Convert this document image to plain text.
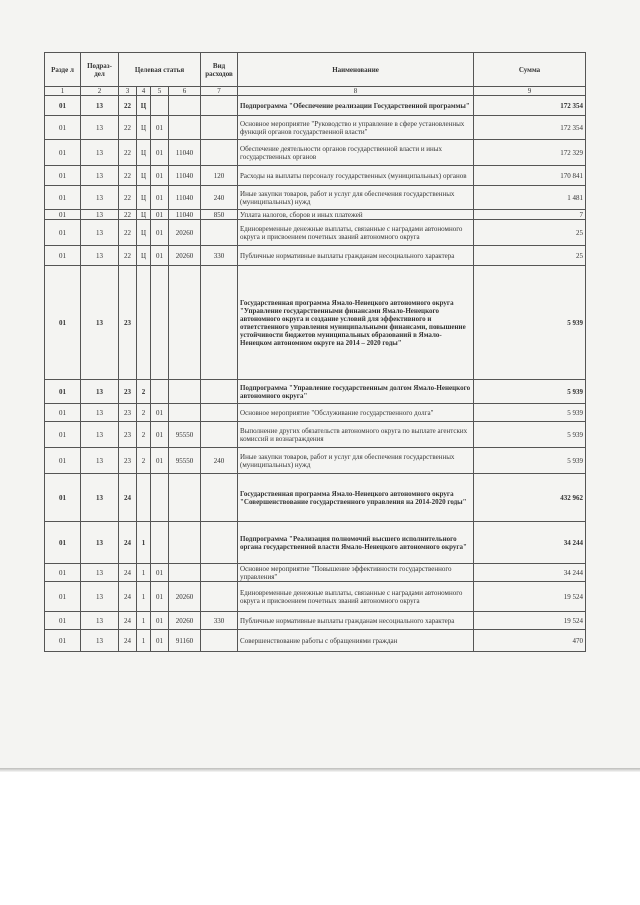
Разде л	Подраз- дел	Целевая статья				Вид расходов	Наименование	Сумма
1	2	3	4	5	6	7	8	9
01	13	22	Ц				Подпрограмма "Обеспечение реализации Государственной программы"	172 354
01	13	22	Ц	01			Основное мероприятие "Руководство и управление в сфере установленных функций органов государственной власти"	172 354
01	13	22	Ц	01	11040		Обеспечение деятельности органов государственной власти и иных государственных органов	172 329
01	13	22	Ц	01	11040	120	Расходы на выплаты персоналу государственных (муниципальных) органов	170 841
01	13	22	Ц	01	11040	240	Иные закупки товаров, работ и услуг для обеспечения государственных (муниципальных) нужд	1 481
01	13	22	Ц	01	11040	850	Уплата налогов, сборов и иных платежей	7
01	13	22	Ц	01	20260		Единовременные денежные выплаты, связанные с наградами автономного округа и присвоением почетных званий автономного округа	25
01	13	22	Ц	01	20260	330	Публичные нормативные выплаты гражданам несоциального характера	25
01	13	23					Государственная программа Ямало-Ненецкого автономного округа "Управление государственными финансами Ямало-Ненецкого автономного округа и создание условий для эффективного и ответственного управления муниципальными финансами, повышение устойчивости бюджетов муниципальных образований в Ямало-Ненецком автономном округе на 2014 – 2020 годы"	5 939
01	13	23	2				Подпрограмма "Управление государственным долгом Ямало-Ненецкого автономного округа"	5 939
01	13	23	2	01			Основное мероприятие "Обслуживание государственного долга"	5 939
01	13	23	2	01	95550		Выполнение других обязательств автономного округа по выплате агентских комиссий и вознаграждения	5 939
01	13	23	2	01	95550	240	Иные закупки товаров, работ и услуг для обеспечения государственных (муниципальных) нужд	5 939
01	13	24					Государственная программа Ямало-Ненецкого автономного округа "Совершенствование государственного управления на 2014-2020 годы"	432 962
01	13	24	1				Подпрограмма "Реализация полномочий высшего исполнительного органа государственной власти Ямало-Ненецкого автономного округа"	34 244
01	13	24	1	01			Основное мероприятие "Повышение эффективности государственного управления"	34 244
01	13	24	1	01	20260		Единовременные денежные выплаты, связанные с наградами автономного округа и присвоением почетных званий автономного округа	19 524
01	13	24	1	01	20260	330	Публичные нормативные выплаты гражданам несоциального характера	19 524
01	13	24	1	01	91160		Совершенствование работы с обращениями граждан	470
